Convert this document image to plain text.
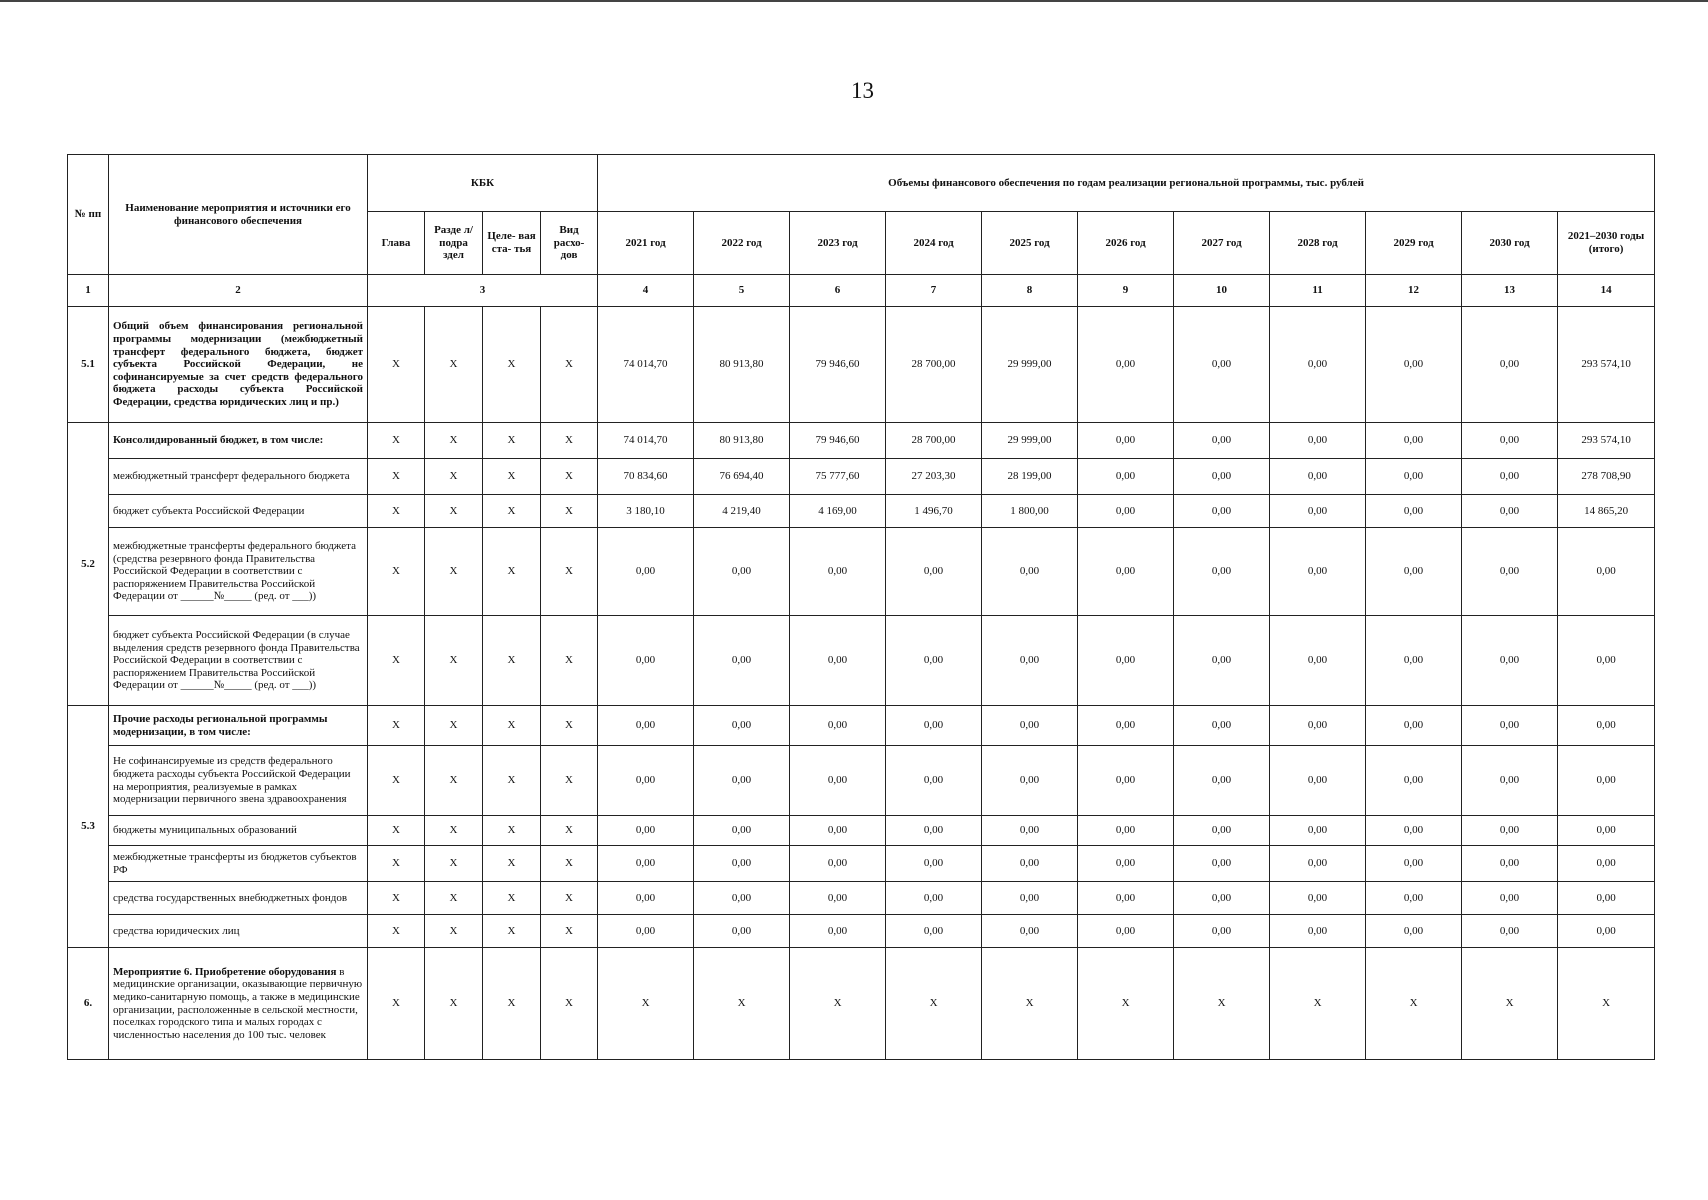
13
№ пп	Наименование мероприятия и источники его финансового обеспечения	КБК				Объемы финансового обеспечения по годам реализации региональной программы, тыс. рублей										
		Глава	Разде л/ подра здел	Целе- вая ста- тья	Вид расхо- дов	2021 год	2022 год	2023 год	2024 год	2025 год	2026 год	2027 год	2028 год	2029 год	2030 год	2021–2030 годы (итого)
1	2	3				4	5	6	7	8	9	10	11	12	13	14
5.1	Общий объем финансирования региональной программы модернизации (межбюджетный трансферт федерального бюджета, бюджет субъекта Российской Федерации, не софинансируемые за счет средств федерального бюджета расходы субъекта Российской Федерации, средства юридических лиц и пр.)	X	X	X	X	74 014,70	80 913,80	79 946,60	28 700,00	29 999,00	0,00	0,00	0,00	0,00	0,00	293 574,10
5.2	Консолидированный бюджет, в том числе:	X	X	X	X	74 014,70	80 913,80	79 946,60	28 700,00	29 999,00	0,00	0,00	0,00	0,00	0,00	293 574,10
	межбюджетный трансферт федерального бюджета	X	X	X	X	70 834,60	76 694,40	75 777,60	27 203,30	28 199,00	0,00	0,00	0,00	0,00	0,00	278 708,90
	бюджет субъекта Российской Федерации	X	X	X	X	3 180,10	4 219,40	4 169,00	1 496,70	1 800,00	0,00	0,00	0,00	0,00	0,00	14 865,20
	межбюджетные трансферты федерального бюджета (средства резервного фонда Правительства Российской Федерации в соответствии с распоряжением Правительства Российской Федерации от ______№_____ (ред. от ___))	X	X	X	X	0,00	0,00	0,00	0,00	0,00	0,00	0,00	0,00	0,00	0,00	0,00
	бюджет субъекта Российской Федерации (в случае выделения средств резервного фонда Правительства Российской Федерации в соответствии с распоряжением Правительства Российской Федерации от ______№_____ (ред. от ___))	X	X	X	X	0,00	0,00	0,00	0,00	0,00	0,00	0,00	0,00	0,00	0,00	0,00
5.3	Прочие расходы региональной программы модернизации, в том числе:	X	X	X	X	0,00	0,00	0,00	0,00	0,00	0,00	0,00	0,00	0,00	0,00	0,00
	Не софинансируемые из средств федерального бюджета расходы субъекта Российской Федерации на мероприятия, реализуемые в рамках модернизации первичного звена здравоохранения	X	X	X	X	0,00	0,00	0,00	0,00	0,00	0,00	0,00	0,00	0,00	0,00	0,00
	бюджеты муниципальных образований	X	X	X	X	0,00	0,00	0,00	0,00	0,00	0,00	0,00	0,00	0,00	0,00	0,00
	межбюджетные трансферты из бюджетов субъектов РФ	X	X	X	X	0,00	0,00	0,00	0,00	0,00	0,00	0,00	0,00	0,00	0,00	0,00
	средства государственных внебюджетных фондов	X	X	X	X	0,00	0,00	0,00	0,00	0,00	0,00	0,00	0,00	0,00	0,00	0,00
	средства юридических лиц	X	X	X	X	0,00	0,00	0,00	0,00	0,00	0,00	0,00	0,00	0,00	0,00	0,00
6.	Мероприятие 6. Приобретение оборудования в медицинские организации, оказывающие первичную медико-санитарную помощь, а также в медицинские организации, расположенные в сельской местности, поселках городского типа и малых городах с численностью населения до 100 тыс. человек	X	X	X	X	X	X	X	X	X	X	X	X	X	X	X
